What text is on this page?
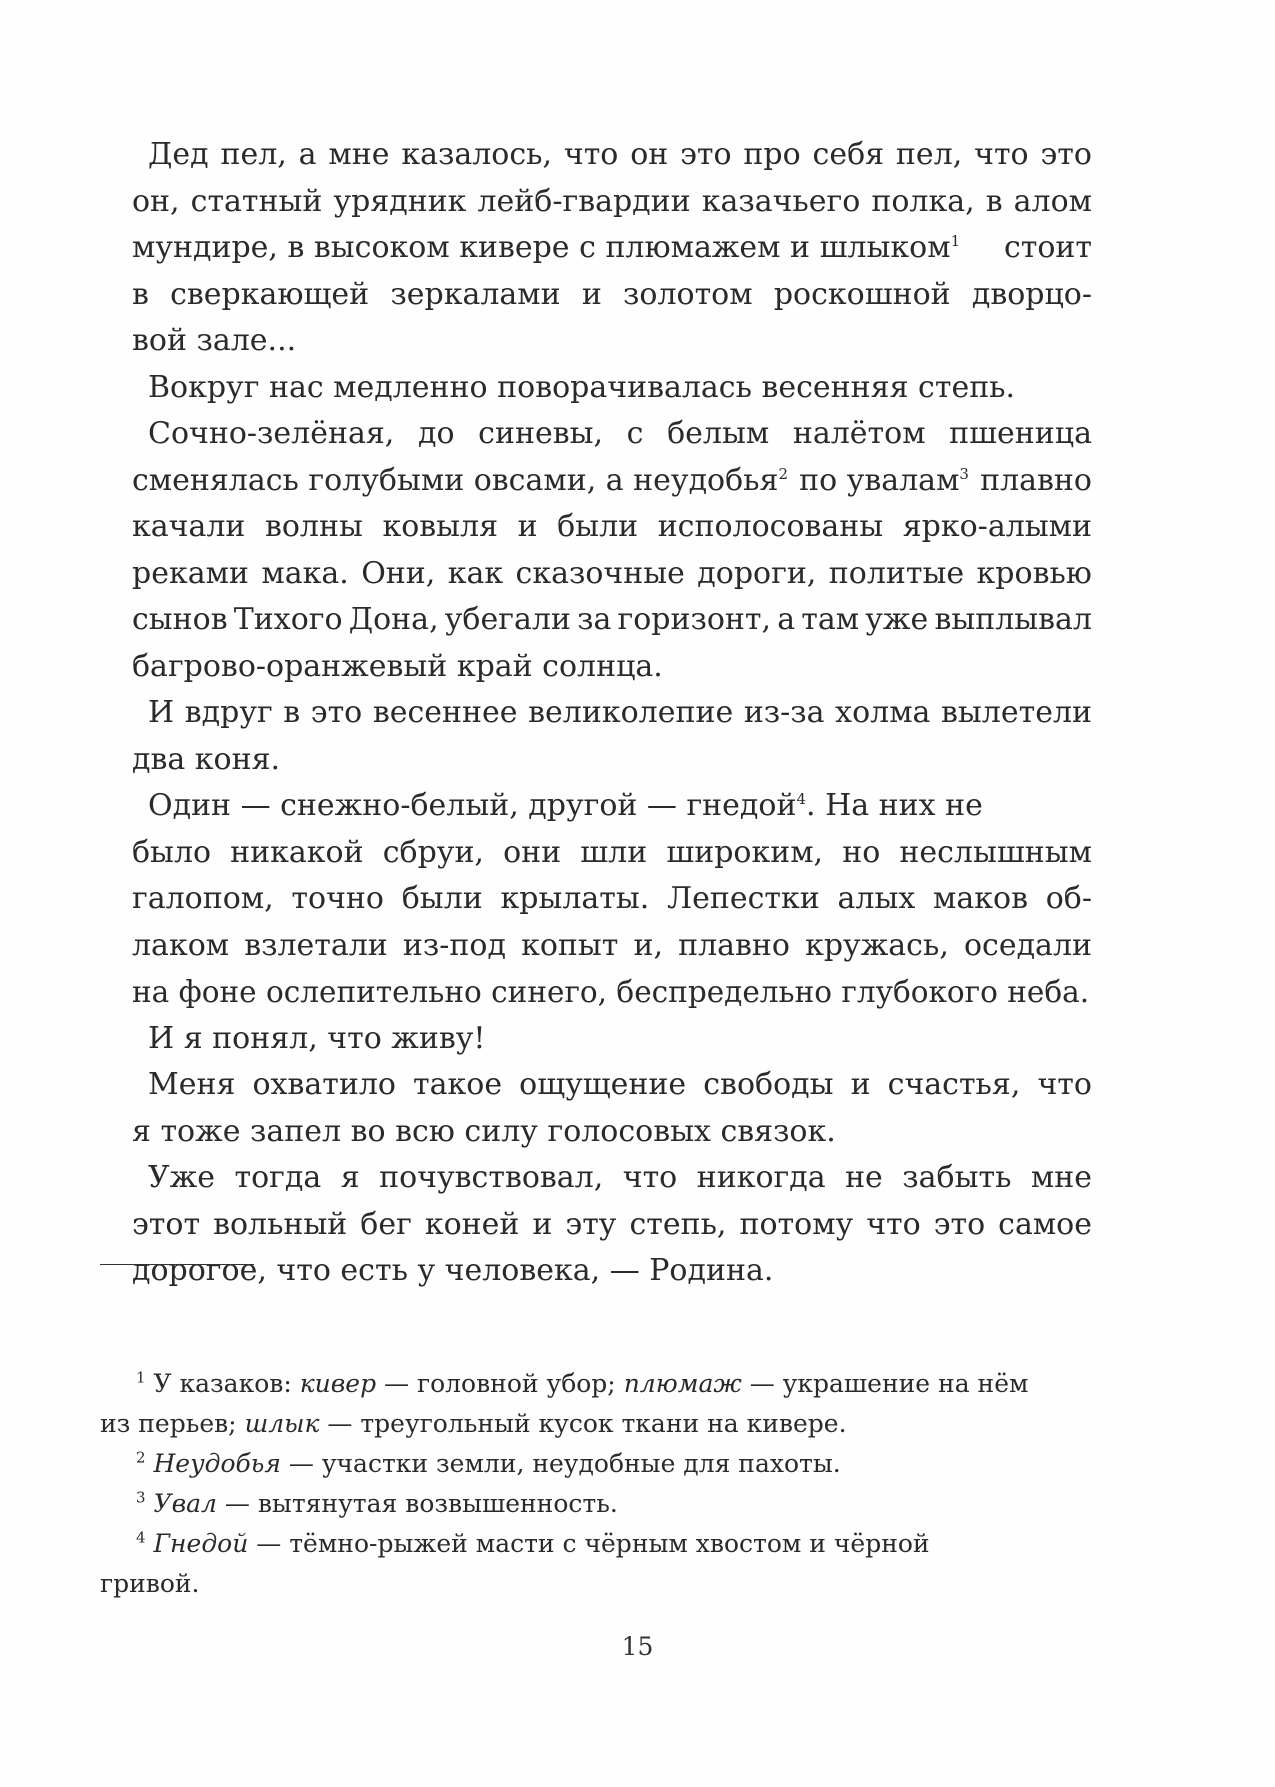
Дед пел, а мне казалось, что он это про себя пел, что это
он, статный урядник лейб-гвардии казачьего полка, в алом
мундире, в высоком кивере с плюмажем и шлыком$^1$ стоит
в сверкающей зеркалами и золотом роскошной дворцо-
вой зале...
Вокруг нас медленно поворачивалась весенняя степь.
Сочно-зелёная, до синевы, с белым налётом пшеница
сменялась голубыми овсами, а неудобья$^2$ по увалам$^3$ плавно
качали волны ковыля и были исполосованы ярко-алыми
реками мака. Они, как сказочные дороги, политые кровью
сынов Тихого Дона, убегали за горизонт, а там уже выплывал
багрово-оранжевый край солнца.
И вдруг в это весеннее великолепие из-за холма вылетели
два коня.
Один — снежно-белый, другой — гнедой$^4$. На них не
было никакой сбруи, они шли широким, но неслышным
галопом, точно были крылаты. Лепестки алых маков об-
лаком взлетали из-под копыт и, плавно кружась, оседали
на фоне ослепительно синего, беспредельно глубокого неба.
И я понял, что живу!
Меня охватило такое ощущение свободы и счастья, что
я тоже запел во всю силу голосовых связок.
Уже тогда я почувствовал, что никогда не забыть мне
этот вольный бег коней и эту степь, потому что это самое
дорогое, что есть у человека, — Родина.
$^1$ У казаков: кивер — головной убор; плюмаж — украшение на нём
из перьев; шлык — треугольный кусок ткани на кивере.
$^2$ Неудобья — участки земли, неудобные для пахоты.
$^3$ Увал — вытянутая возвышенность.
$^4$ Гнедой — тёмно-рыжей масти с чёрным хвостом и чёрной
гривой.
15
